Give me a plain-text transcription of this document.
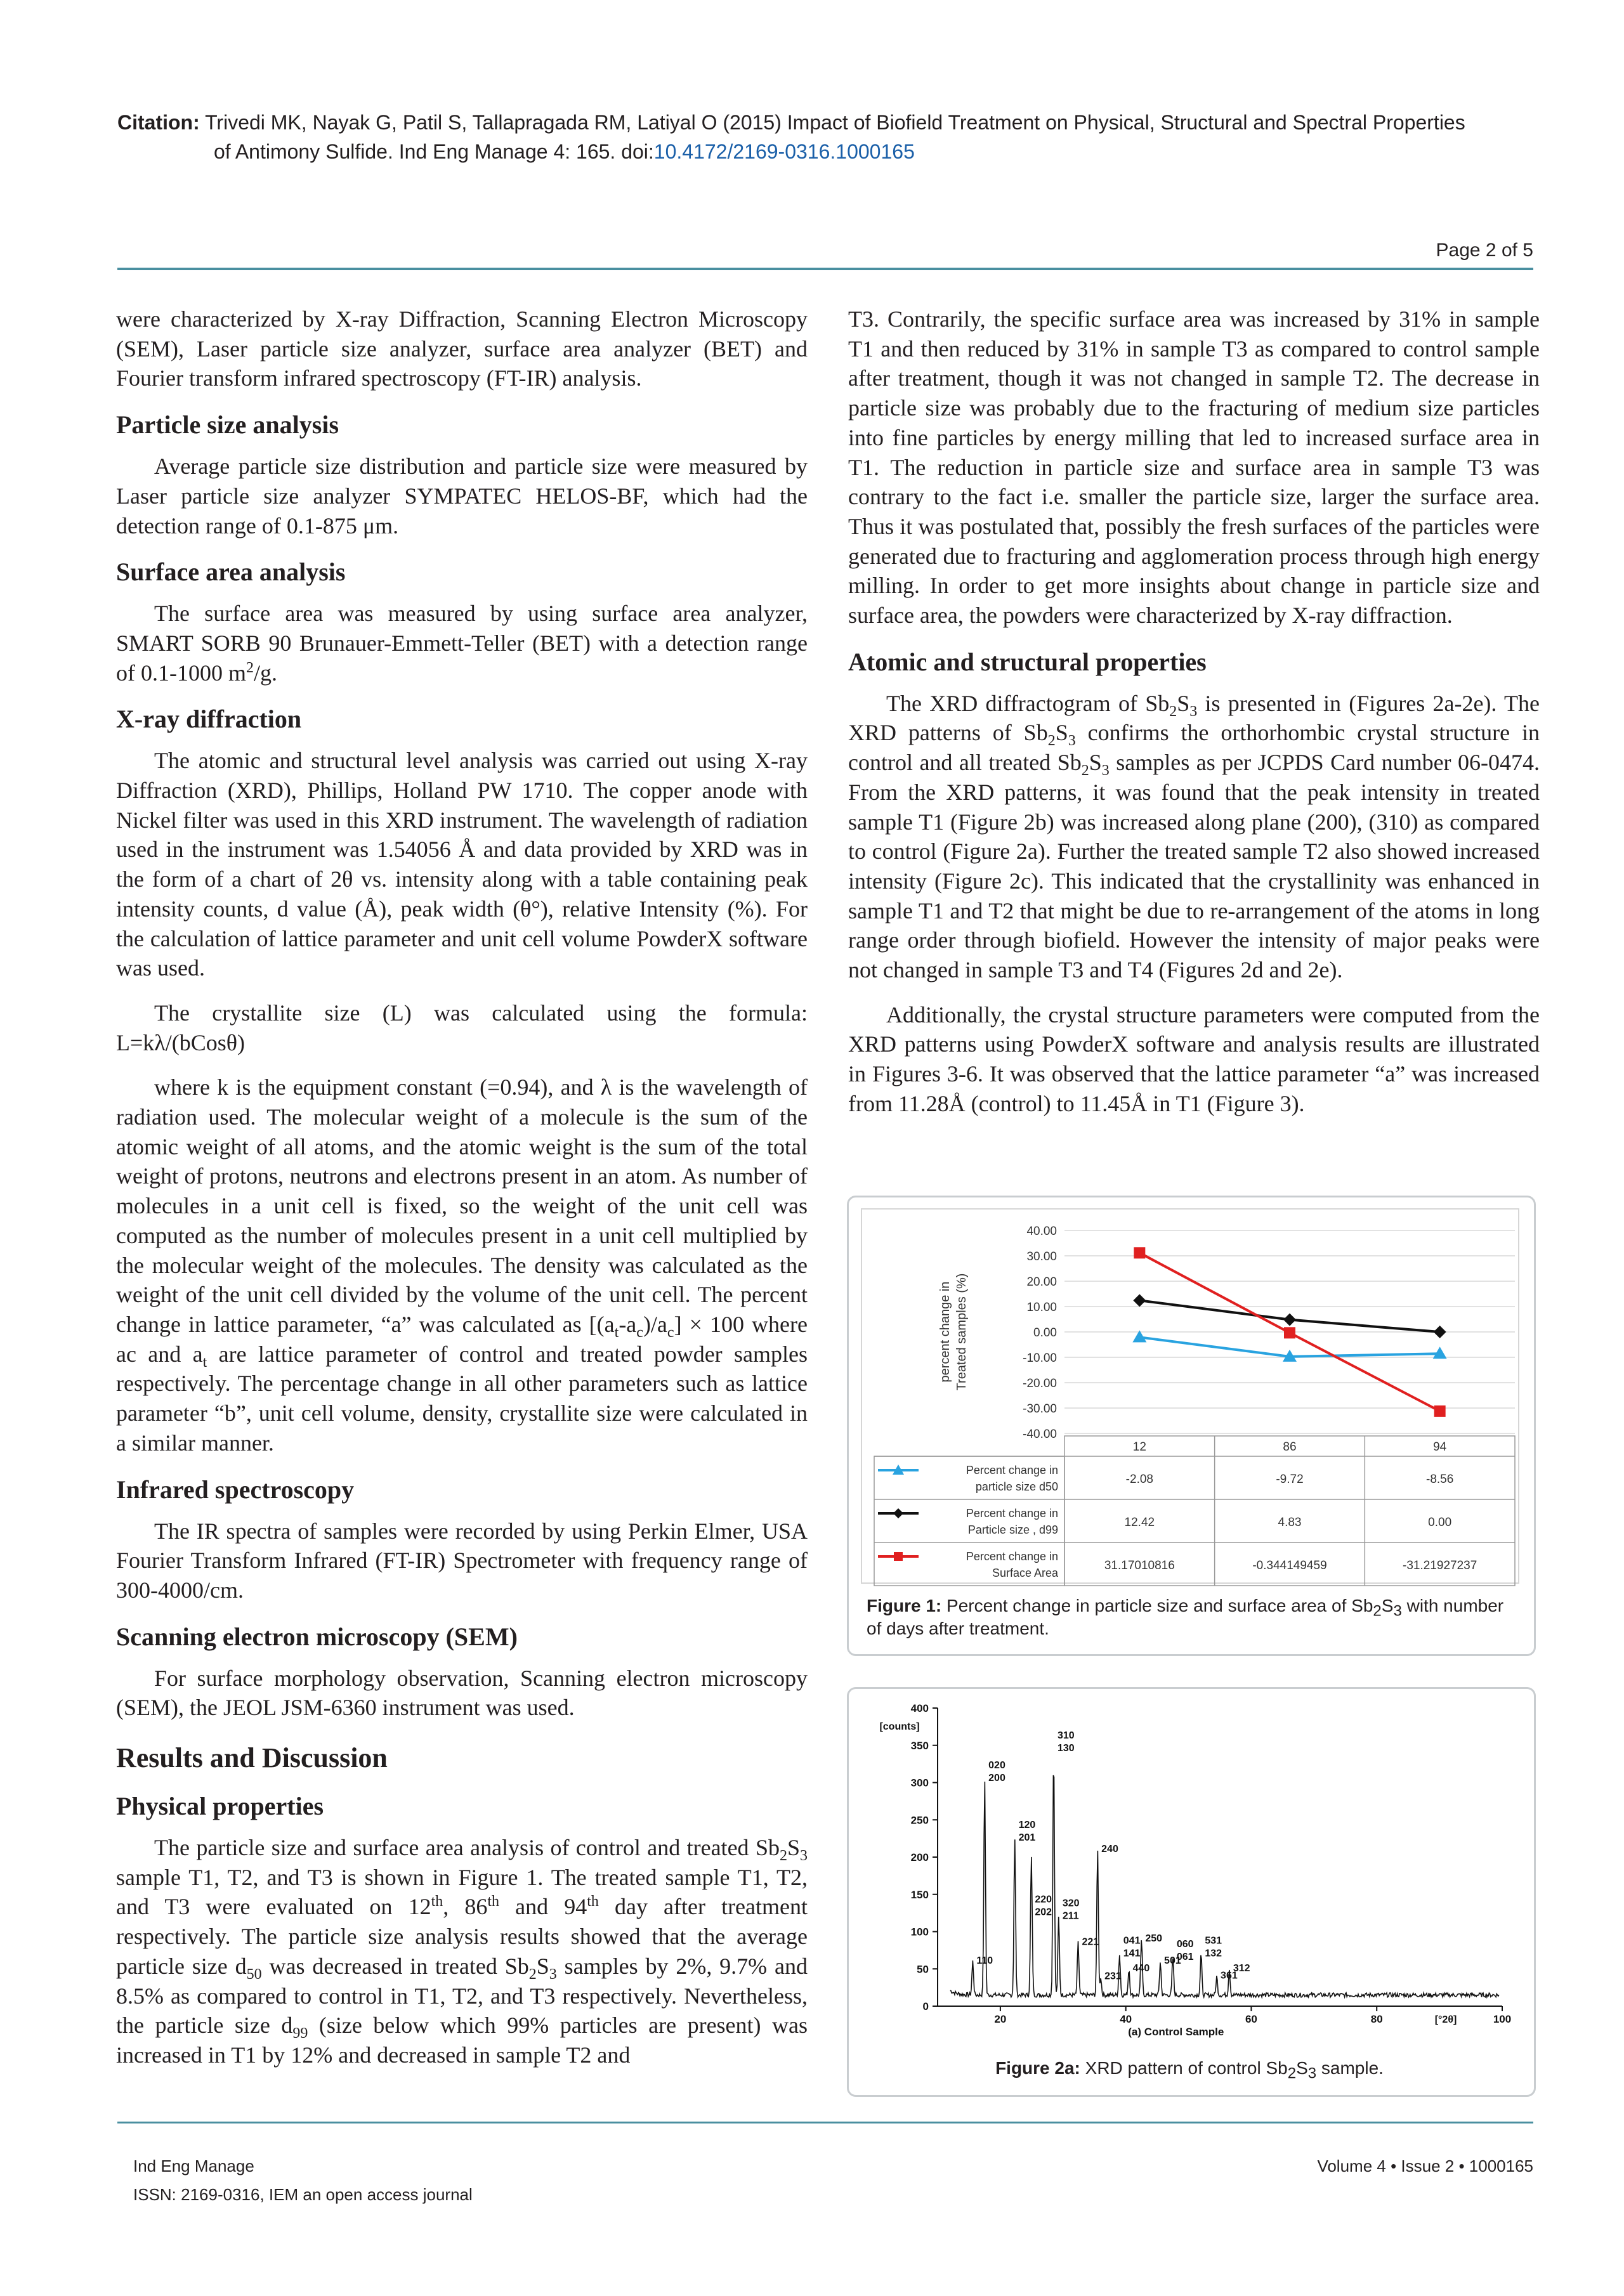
Citation: Trivedi MK, Nayak G, Patil S, Tallapragada RM, Latiyal O (2015) Impact of Biofield Treatment on Physical, Structural and Spectral Properties
of Antimony Sulfide. Ind Eng Manage 4: 165. doi:10.4172/2169-0316.1000165
Page 2 of 5

were characterized by X-ray Diffraction, Scanning Electron Microscopy (SEM), Laser particle size analyzer, surface area analyzer (BET) and Fourier transform infrared spectroscopy (FT-IR) analysis.

Particle size analysis

Average particle size distribution and particle size were measured by Laser particle size analyzer SYMPATEC HELOS-BF, which had the detection range of 0.1-875 μm.

Surface area analysis

The surface area was measured by using surface area analyzer, SMART SORB 90 Brunauer-Emmett-Teller (BET) with a detection range of 0.1-1000 $m^2/g$.

X-ray diffraction

The atomic and structural level analysis was carried out using X-ray Diffraction (XRD), Phillips, Holland PW 1710. The copper anode with Nickel filter was used in this XRD instrument. The wavelength of radiation used in the instrument was 1.54056 Å and data provided by XRD was in the form of a chart of 2θ vs. intensity along with a table containing peak intensity counts, d value (Å), peak width (θ°), relative Intensity (%). For the calculation of lattice parameter and unit cell volume PowderX software was used.

The crystallite size (L) was calculated using the formula: L=kλ/(bCosθ)

where k is the equipment constant (=0.94), and λ is the wavelength of radiation used. The molecular weight of a molecule is the sum of the atomic weight of all atoms, and the atomic weight is the sum of the total weight of protons, neutrons and electrons present in an atom. As number of molecules in a unit cell is fixed, so the weight of the unit cell was computed as the number of molecules present in a unit cell multiplied by the molecular weight of the molecules. The density was calculated as the weight of the unit cell divided by the volume of the unit cell. The percent change in lattice parameter, “a” was calculated as $[(a_t-a_c)/a_c] \times 100$ where ac and $a_t$ are lattice parameter of control and treated powder samples respectively. The percentage change in all other parameters such as lattice parameter “b”, unit cell volume, density, crystallite size were calculated in a similar manner.

Infrared spectroscopy

The IR spectra of samples were recorded by using Perkin Elmer, USA Fourier Transform Infrared (FT-IR) Spectrometer with frequency range of 300-4000/cm.

Scanning electron microscopy (SEM)

For surface morphology observation, Scanning electron microscopy (SEM), the JEOL JSM-6360 instrument was used.

Results and Discussion
Physical properties

The particle size and surface area analysis of control and treated $Sb_2S_3$ sample T1, T2, and T3 is shown in Figure 1. The treated sample T1, T2, and T3 were evaluated on 12th, 86th and 94th day after treatment respectively. The particle size analysis results showed that the average particle size $d_{50}$ was decreased in treated $Sb_2S_3$ samples by 2%, 9.7% and 8.5% as compared to control in T1, T2, and T3 respectively. Nevertheless, the particle size $d_{99}$ (size below which 99% particles are present) was increased in T1 by 12% and decreased in sample T2 and

T3. Contrarily, the specific surface area was increased by 31% in sample T1 and then reduced by 31% in sample T3 as compared to control sample after treatment, though it was not changed in sample T2. The decrease in particle size was probably due to the fracturing of medium size particles into fine particles by energy milling that led to increased surface area in T1. The reduction in particle size and surface area in sample T3 was contrary to the fact i.e. smaller the particle size, larger the surface area. Thus it was postulated that, possibly the fresh surfaces of the particles were generated due to fracturing and agglomeration process through high energy milling. In order to get more insights about change in particle size and surface area, the powders were characterized by X-ray diffraction.

Atomic and structural properties

The XRD diffractogram of $Sb_2S_3$ is presented in (Figures 2a-2e). The XRD patterns of $Sb_2S_3$ confirms the orthorhombic crystal structure in control and all treated $Sb_2S_3$ samples as per JCPDS Card number 06-0474. From the XRD patterns, it was found that the peak intensity in treated sample T1 (Figure 2b) was increased along plane (200), (310) as compared to control (Figure 2a). Further the treated sample T2 also showed increased intensity (Figure 2c). This indicated that the crystallinity was enhanced in sample T1 and T2 that might be due to re-arrangement of the atoms in long range order through biofield. However the intensity of major peaks were not changed in sample T3 and T4 (Figures 2d and 2e).

Additionally, the crystal structure parameters were computed from the XRD patterns using PowderX software and analysis results are illustrated in Figures 3-6. It was observed that the lattice parameter “a” was increased from 11.28Å (control) to 11.45Å in T1 (Figure 3).

40.00
30.00
20.00
10.00
0.00
-10.00
-20.00
-30.00
-40.00
percent change in Treated samples (%)
12	86	94
Percent change in
particle size d50
-2.08	-9.72	-8.56
Percent change in
Particle size , d99
12.42	4.83	0.00
Percent change in
Surface Area
31.17010816	-0.344149459	-31.21927237
Figure 1: Percent change in particle size and surface area of $Sb_2S_3$ with number of days after treatment.
400
350
300
250
200
150
100
50
0
[counts]
20	40	60	80	100
[°2θ]
(a) Control Sample
110
020 200
120 201
220 202
310 130
320 211
221
240
231
041 141
440
250
501
060 061
531 132
361
312
Figure 2a: XRD pattern of control $Sb_2S_3$ sample.
Ind Eng Manage
ISSN: 2169-0316, IEM an open access journal
Volume 4 • Issue 2 • 1000165
